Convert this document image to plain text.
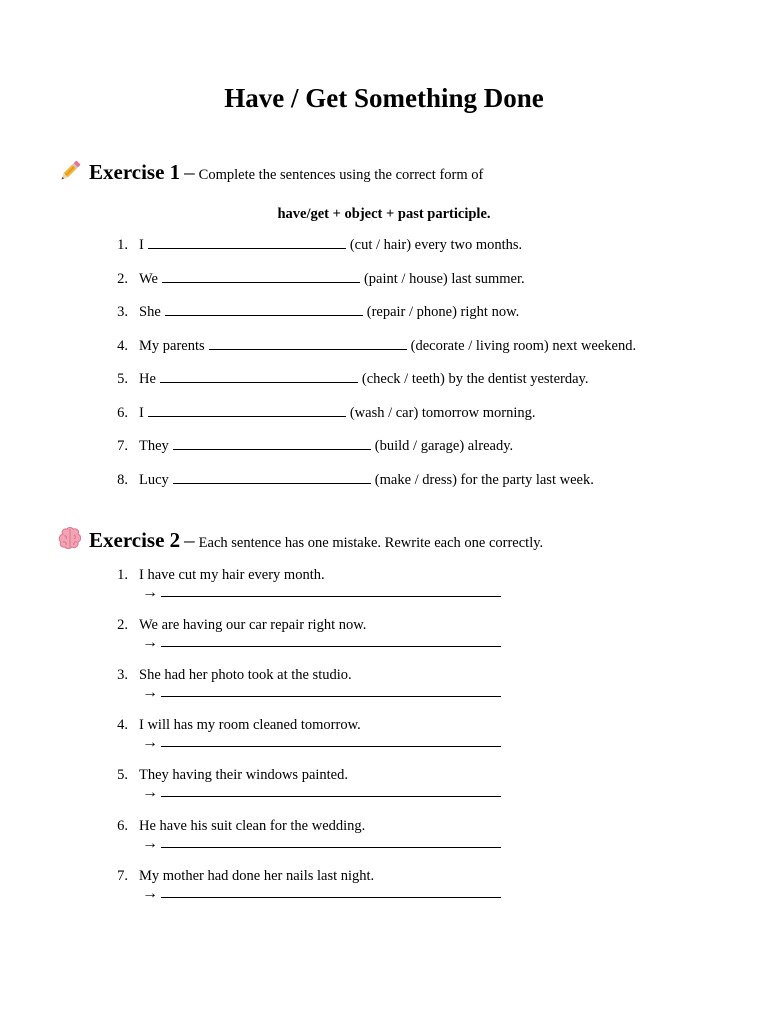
Have / Get Something Done
Exercise 1 – Complete the sentences using the correct form of
have/get + object + past participle.
1 . I	(cut / hair) every two months.
2 . We	(paint / house) last summer.
3 . She	(repair / phone) right now.
4 . My parents	(decorate / living room) next weekend.
5 . He	(check / teeth) by the dentist yesterday.
6 . I	(wash / car) tomorrow morning.
7 . They	(build / garage) already.
8 . Lucy	(make / dress) for the party last week.
Exercise 2 – Each sentence has one mistake. Rewrite each one correctly.
1 . I have cut my hair every month.
→
2 . We are having our car repair right now.
→
3 . She had her photo took at the studio.
→
4 . I will has my room cleaned tomorrow.
→
5 . They having their windows painted.
→
6 . He have his suit clean for the wedding.
→
7 . My mother had done her nails last night.
→
